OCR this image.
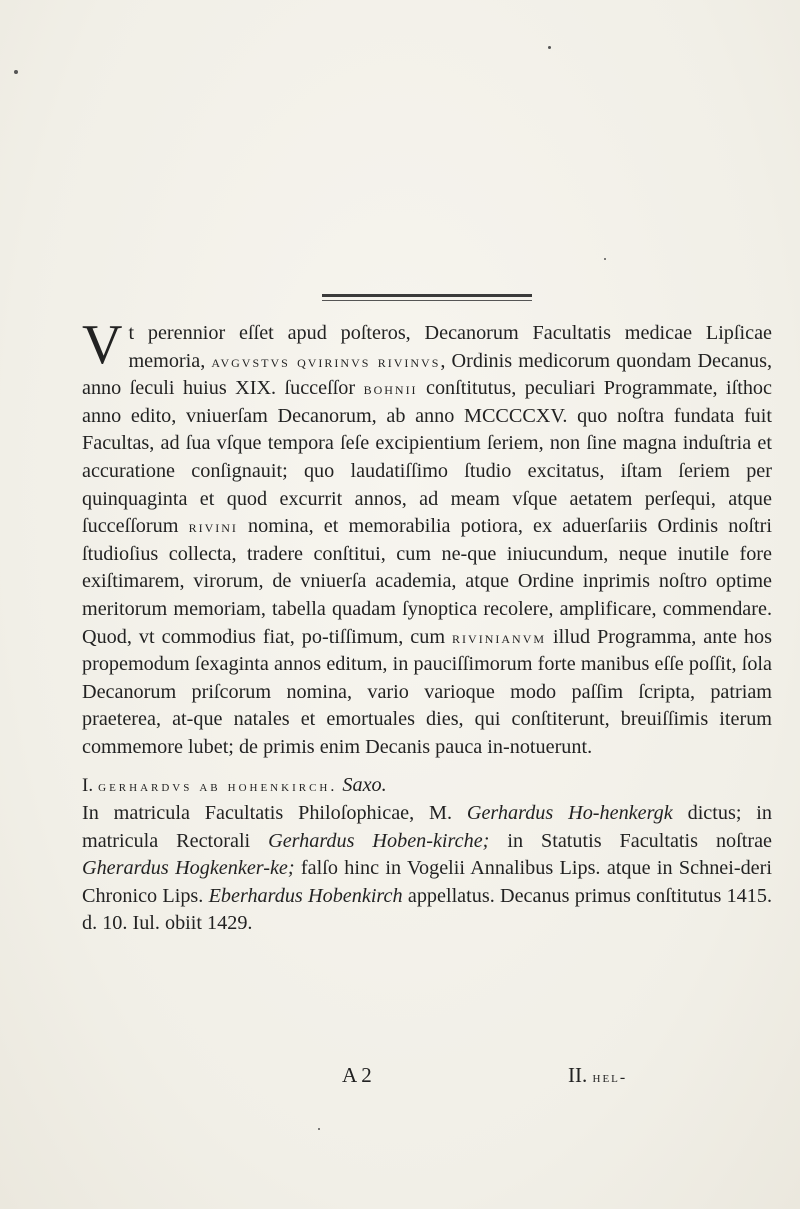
Vt perennior eſſet apud poſteros, Decanorum Facultatis medicae Lipſicae memoria, avgvstvs qvirinvs rivinvs, Ordinis medicorum quondam Decanus, anno ſeculi huius XIX. ſucceſſor bohnii conſtitutus, peculiari Programmate, iſthoc anno edito, vniuerſam Decanorum, ab anno MCCCCXV. quo noſtra fundata fuit Facultas, ad ſua vſque tempora ſeſe excipientium ſeriem, non ſine magna induſtria et accuratione conſignauit; quo laudatiſſimo ſtudio excitatus, iſtam ſeriem per quinquaginta et quod excurrit annos, ad meam vſque aetatem perſequi, atque ſucceſſorum rivini nomina, et memorabilia potiora, ex aduerſariis Ordinis noſtri ſtudioſius collecta, tradere conſtitui, cum ne-que iniucundum, neque inutile fore exiſtimarem, virorum, de vniuerſa academia, atque Ordine inprimis noſtro optime meritorum memoriam, tabella quadam ſynoptica recolere, amplificare, commendare. Quod, vt commodius fiat, po-tiſſimum, cum rivinianvm illud Programma, ante hos propemodum ſexaginta annos editum, in pauciſſimorum forte manibus eſſe poſſit, ſola Decanorum priſcorum nomina, vario varioque modo paſſim ſcripta, patriam praeterea, at-que natales et emortuales dies, qui conſtiterunt, breuiſſimis iterum commemore lubet; de primis enim Decanis pauca in-notuerunt.

I. gerhardvs ab hohenkirch. Saxo.
In matricula Facultatis Philoſophicae, M. Gerhardus Ho-henkergk dictus; in matricula Rectorali Gerhardus Hoben-kirche; in Statutis Facultatis noſtrae Gherardus Hogkenker-ke; falſo hinc in Vogelii Annalibus Lips. atque in Schnei-deri Chronico Lips. Eberhardus Hobenkirch appellatus. Decanus primus conſtitutus 1415. d. 10. Iul. obiit 1429.

A 2	II. hel-
